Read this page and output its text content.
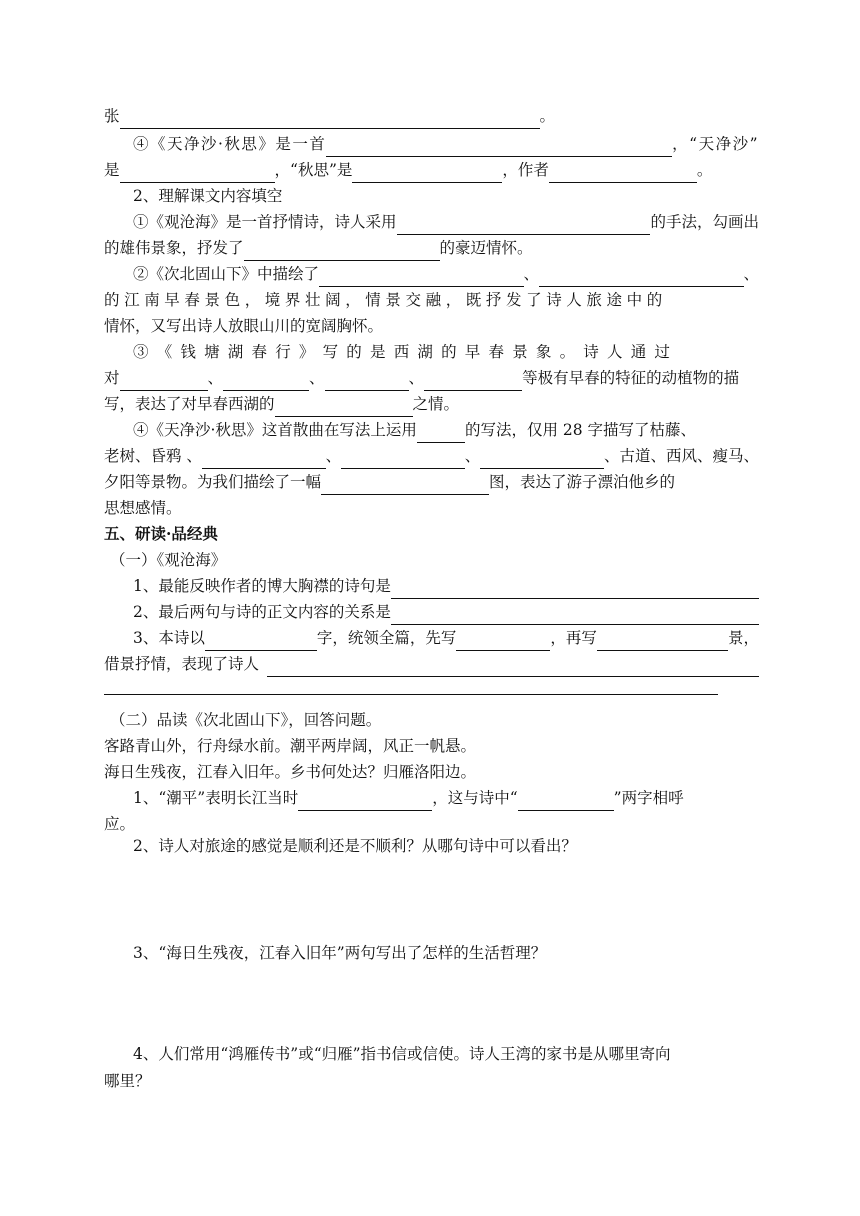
张	。
④《天净沙·秋思》是一首	，“天净沙”
是	，“秋思”是	，作者	。
2、理解课文内容填空
①《观沧海》是一首抒情诗，诗人采用	的手法，勾画出
的雄伟景象，抒发了	的豪迈情怀。
②《次北固山下》中描绘了	、	、
的江南早春景色，境界壮阔，情景交融，既抒发了诗人旅途中的
情怀，又写出诗人放眼山川的宽阔胸怀。
③《钱塘湖春行》写的是西湖的早春景象。诗人通过
对	、	、	、	等极有早春的特征的动植物的描
写，表达了对早春西湖的	之情。
④《天净沙·秋思》这首散曲在写法上运用	的写法，仅用 28 字描写了枯藤、
老树、昏鸦 、	、	、	、古道、西风、瘦马、
夕阳等景物。为我们描绘了一幅	图，表达了游子漂泊他乡的
思想感情。
五、研读·品经典
（一）《观沧海》
1、最能反映作者的博大胸襟的诗句是
2、最后两句与诗的正文内容的关系是
3、本诗以	字，统领全篇，先写	，再写	景，
借景抒情，表现了诗人
（二）品读《次北固山下》，回答问题。
客路青山外，行舟绿水前。潮平两岸阔，风正一帆悬。
海日生残夜，江春入旧年。乡书何处达？归雁洛阳边。
1、“潮平”表明长江当时	，这与诗中“	”两字相呼
应。
2、诗人对旅途的感觉是顺利还是不顺利？从哪句诗中可以看出？
3、“海日生残夜，江春入旧年”两句写出了怎样的生活哲理？
4、人们常用“鸿雁传书”或“归雁”指书信或信使。诗人王湾的家书是从哪里寄向
哪里？
